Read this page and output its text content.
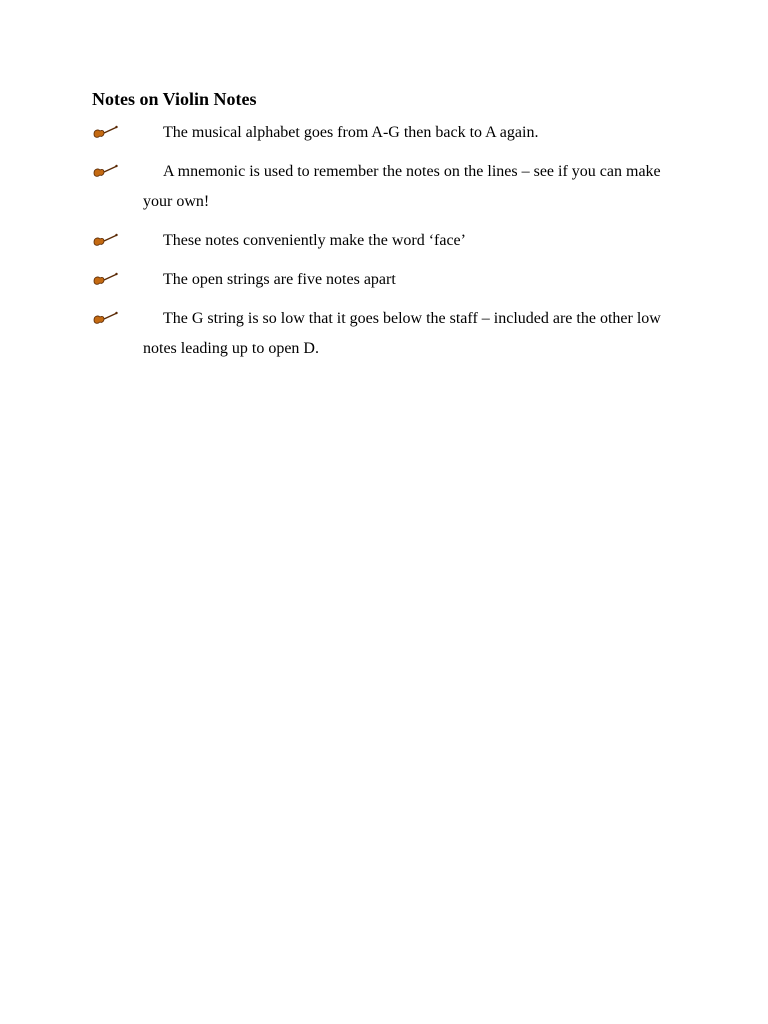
Notes on Violin Notes
The musical alphabet goes from A-G then back to A again.
A mnemonic is used to remember the notes on the lines – see if you can make your own!
These notes conveniently make the word ‘face’
The open strings are five notes apart
The G string is so low that it goes below the staff – included are the other low notes leading up to open D.
